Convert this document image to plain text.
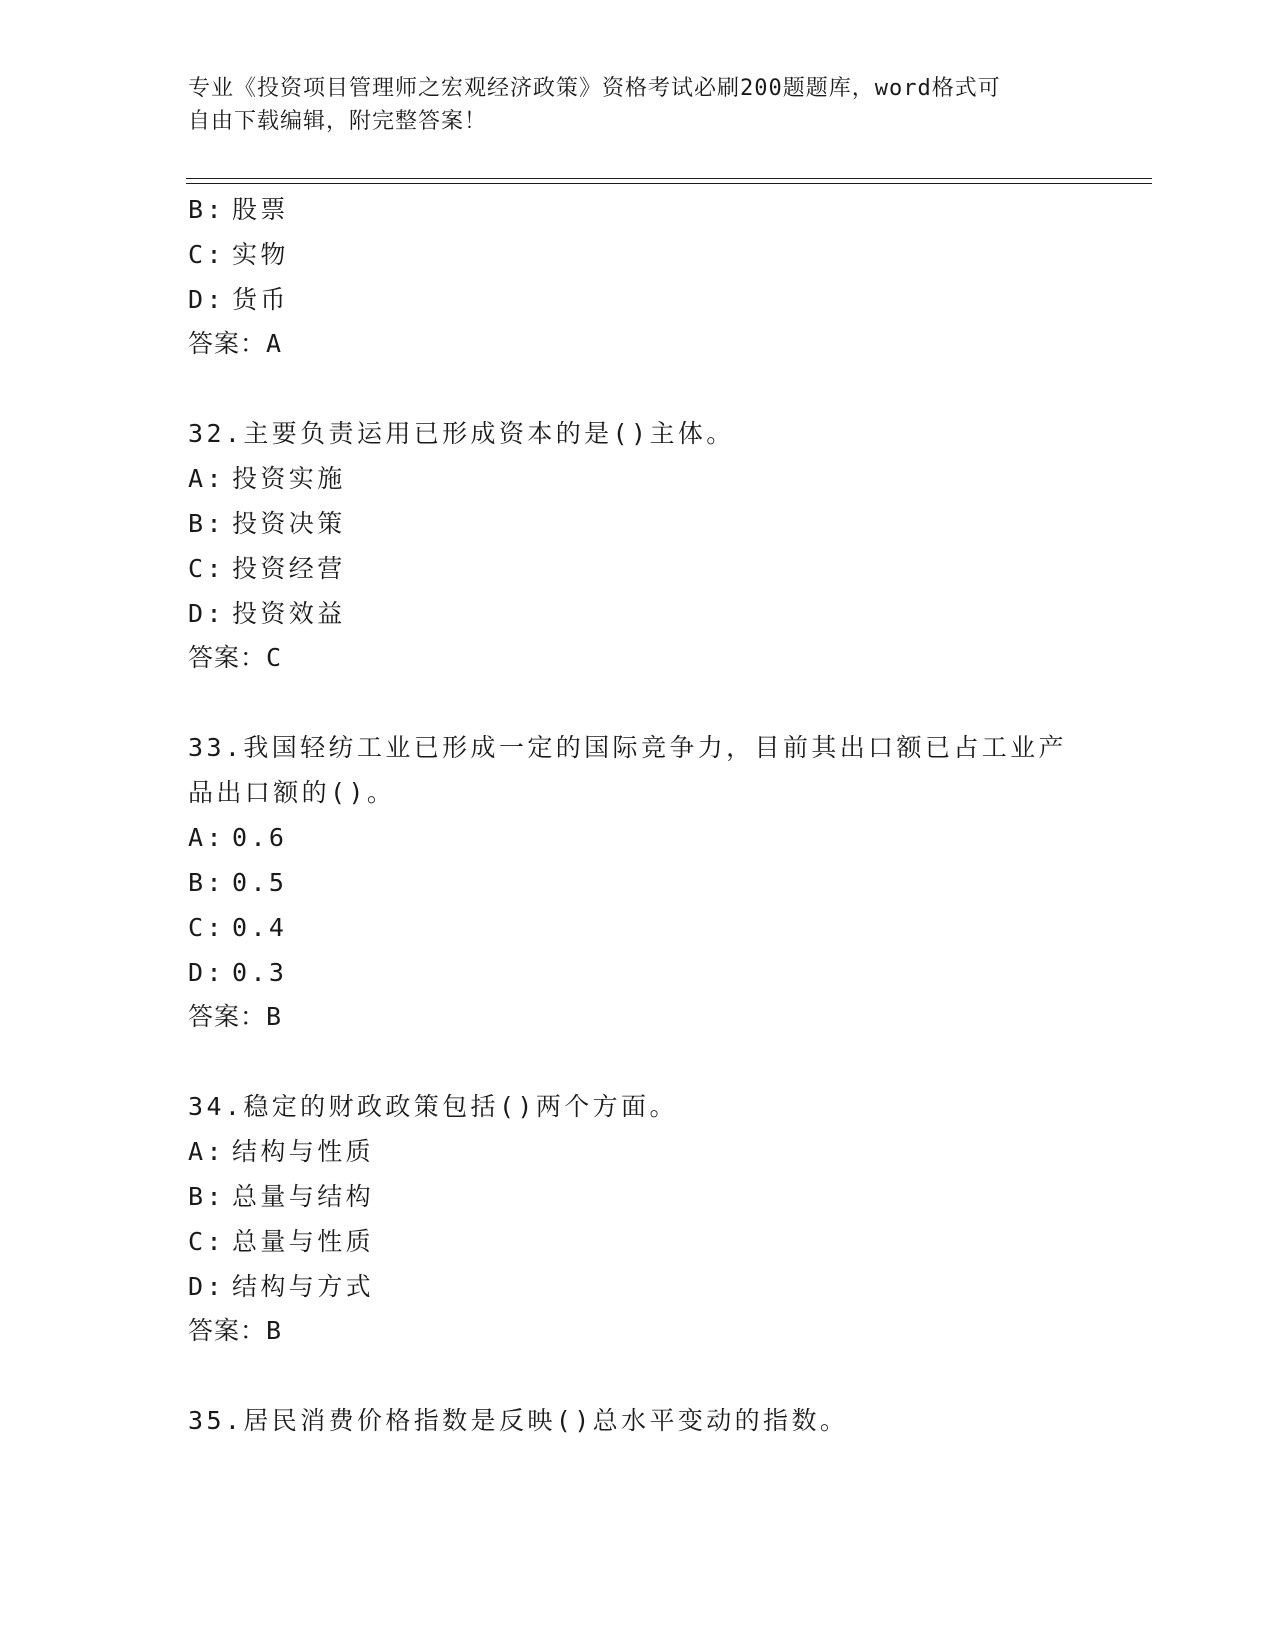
专业《投资项目管理师之宏观经济政策》资格考试必刷200题题库，word格式可
自由下载编辑，附完整答案！
B: 股票
C: 实物
D: 货币
答案：A
32.主要负责运用已形成资本的是()主体。
A: 投资实施
B: 投资决策
C: 投资经营
D: 投资效益
答案：C
33.我国轻纺工业已形成一定的国际竞争力，目前其出口额已占工业产
品出口额的()。
A: 0.6
B: 0.5
C: 0.4
D: 0.3
答案：B
34.稳定的财政政策包括()两个方面。
A: 结构与性质
B: 总量与结构
C: 总量与性质
D: 结构与方式
答案：B
35.居民消费价格指数是反映()总水平变动的指数。
